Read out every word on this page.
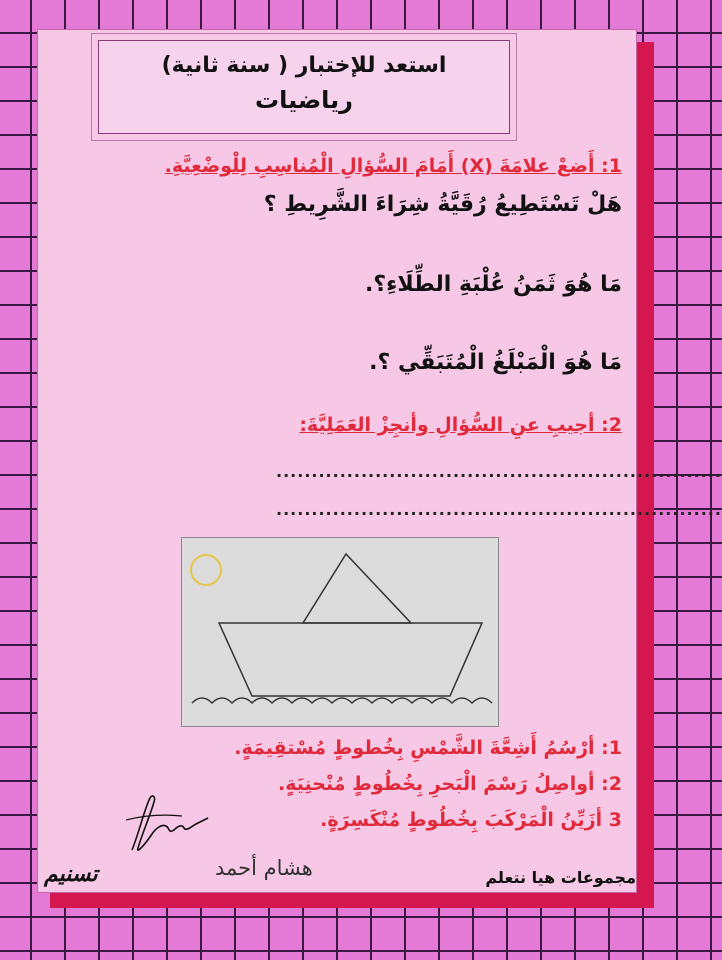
استعد للإختبار ( سنة ثانية)
رياضيات
1: أَضعْ علامَةَ (X) أَمَامَ السُّؤالِ الْمُناسِبِ لِلْوضْعِيَّةِ.
هَلْ تَسْتَطِيعُ رُقَيَّةُ شِرَاءَ الشَّرِيطِ ؟
مَا هُوَ ثَمَنُ عُلْبَةِ الطِّلَاءِ؟.
مَا هُوَ الْمَبْلَغُ الْمُتَبَقِّي ؟.
2: أجيبِ عنِ السُّؤالِ وأنجِزْ العَمَلِيَّةَ:
...............................................................
...............................................................
1: أرْسُمُ أَشِعَّةَ الشَّمْسِ بِخُطوطٍ مُسْتقِيمَةٍ.
2: أواصِلُ رَسْمَ الْبَحرِ بِخُطُوطٍ مُنْحنِيَةٍ.
3 أزَيِّنُ الْمَرْكَبَ بِخُطُوطٍ مُنْكَسِرَةٍ.
مجموعات هيا نتعلم
هشام أحمد
تسنيم
